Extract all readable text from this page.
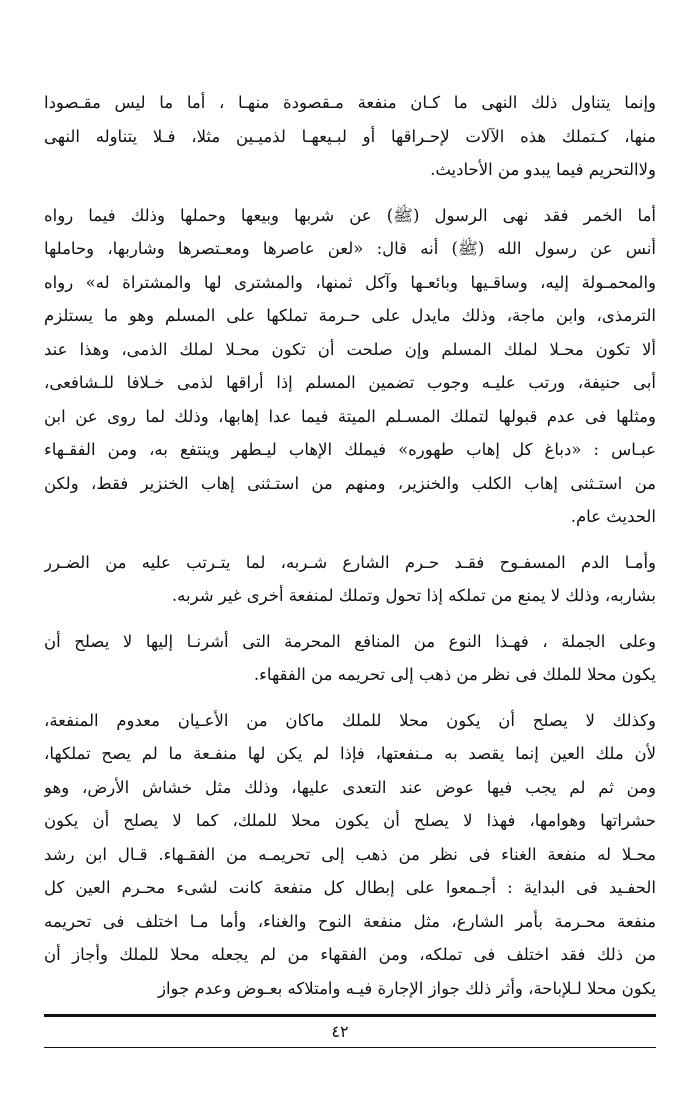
وإنما يتناول ذلك النهى ما كـان منفعة مـقصودة منهـا ، أما ما ليس مقـصودا
منها، كـتملك هذه الآلات لإحـراقها أو لبـيعهـا لذميـين مثلا، فـلا يتناوله النهى
ولاالتحريم فيما يبدو من الأحاديث.
أما الخمر فقد نهى الرسول (ﷺ) عن شربها وبيعها وحملها وذلك فيما رواه
أنس عن رسول الله (ﷺ) أنه قال: «لعن عاصرها ومعـتصرها وشاربها، وحاملها
والمحمـولة إليه، وساقـيها وبائعـها وآكل ثمنها، والمشترى لها والمشتراة له» رواه
الترمذى، وابن ماجة، وذلك مايدل على حـرمة تملكها على المسلم وهو ما يستلزم
ألا تكون محـلا لملك المسلم وإن صلحت أن تكون محـلا لملك الذمى، وهذا عند
أبى حنيفة، ورتب عليـه وجوب تضمين المسلم إذا أراقها لذمى خـلافا للـشافعى،
ومثلها فى عدم قبولها لتملك المسـلم الميتة فيما عدا إهابها، وذلك لما روى عن ابن
عبـاس : «دباغ كل إهاب طهوره» فيملك الإهاب ليـطهر وينتفع به، ومن الفقـهاء
من استـثنى إهاب الكلب والخنزير، ومنهم من استـثنى إهاب الخنزير فقط، ولكن
الحديث عام.
وأمـا الدم المسفـوح فقـد حـرم الشارع شـربه، لما يتـرتب عليه من الضـرر
بشاربه، وذلك لا يمنع من تملكه إذا تحول وتملك لمنفعة أخرى غير شربه.
وعلى الجملة ، فهـذا النوع من المنافع المحرمة التى أشرنـا إليها لا يصلح أن
يكون محلا للملك فى نظر من ذهب إلى تحريمه من الفقهاء.
وكذلك لا يصلح أن يكون محلا للملك ماكان من الأعـيان معدوم المنفعة،
لأن ملك العين إنما يقصد به مـنفعتها، فإذا لم يكن لها منفـعة ما لم يصح تملكها،
ومن ثم لم يجب فيها عوض عند التعدى عليها، وذلك مثل خشاش الأرض، وهو
حشراتها وهوامها، فهذا لا يصلح أن يكون محلا للملك، كما لا يصلح أن يكون
محـلا له منفعة الغناء فى نظر من ذهب إلى تحريمـه من الفقـهاء. قـال ابن رشد
الحفـيد فى البداية : أجـمعوا على إبطال كل منفعة كانت لشىء محـرم العين كل
منفعة محـرمة بأمر الشارع، مثل منفعة النوح والغناء، وأما مـا اختلف فى تحريمه
من ذلك فقد اختلف فى تملكه، ومن الفقهاء من لم يجعله محلا للملك وأجاز أن
يكون محلا لـلإباحة، وأثر ذلك جواز الإجارة فيـه وامتلاكه بعـوض وعدم جواز
٤٢
